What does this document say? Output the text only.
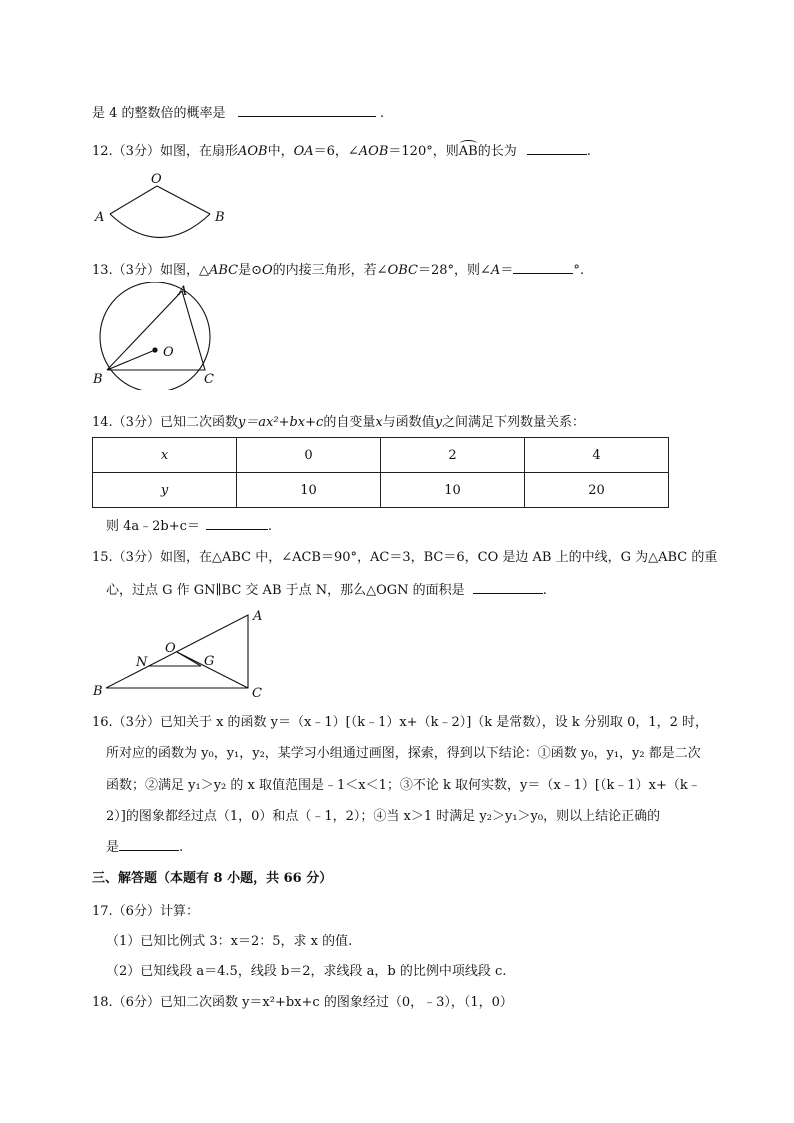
是 4 的整数倍的概率是	.
12.（3分）如图，在扇形AOB中，OA＝6，∠AOB＝120°，则AB的长为	.
O
A	B
13.（3分）如图，△ABC是⊙O的内接三角形，若∠OBC＝28°，则∠A＝	°.
A
O
B	C
14.（3分）已知二次函数y＝ax²+bx+c的自变量x与函数值y之间满足下列数量关系：
x	0	2	4
y	10	10	20
则 4a﹣2b+c＝	.
15.（3分）如图，在△ABC 中，∠ACB＝90°，AC＝3，BC＝6，CO 是边 AB 上的中线，G 为△ABC 的重
心，过点 G 作 GN∥BC 交 AB 于点 N，那么△OGN 的面积是	.
A
O
N	G
B	C
16.（3分）已知关于 x 的函数 y＝（x﹣1）[（k﹣1）x+（k﹣2）]（k 是常数），设 k 分别取 0，1，2 时，
所对应的函数为 y₀，y₁，y₂，某学习小组通过画图，探索，得到以下结论：①函数 y₀，y₁，y₂ 都是二次
函数；②满足 y₁＞y₂ 的 x 取值范围是﹣1＜x＜1；③不论 k 取何实数，y＝（x﹣1）[（k﹣1）x+（k﹣
2）]的图象都经过点（1，0）和点（﹣1，2）；④当 x＞1 时满足 y₂＞y₁＞y₀，则以上结论正确的
是	.
三、解答题（本题有 8 小题，共 66 分）
17.（6分）计算：
（1）已知比例式 3：x＝2：5，求 x 的值.
（2）已知线段 a＝4.5，线段 b＝2，求线段 a，b 的比例中项线段 c.
18.（6分）已知二次函数 y＝x²+bx+c 的图象经过（0，﹣3），（1，0）
